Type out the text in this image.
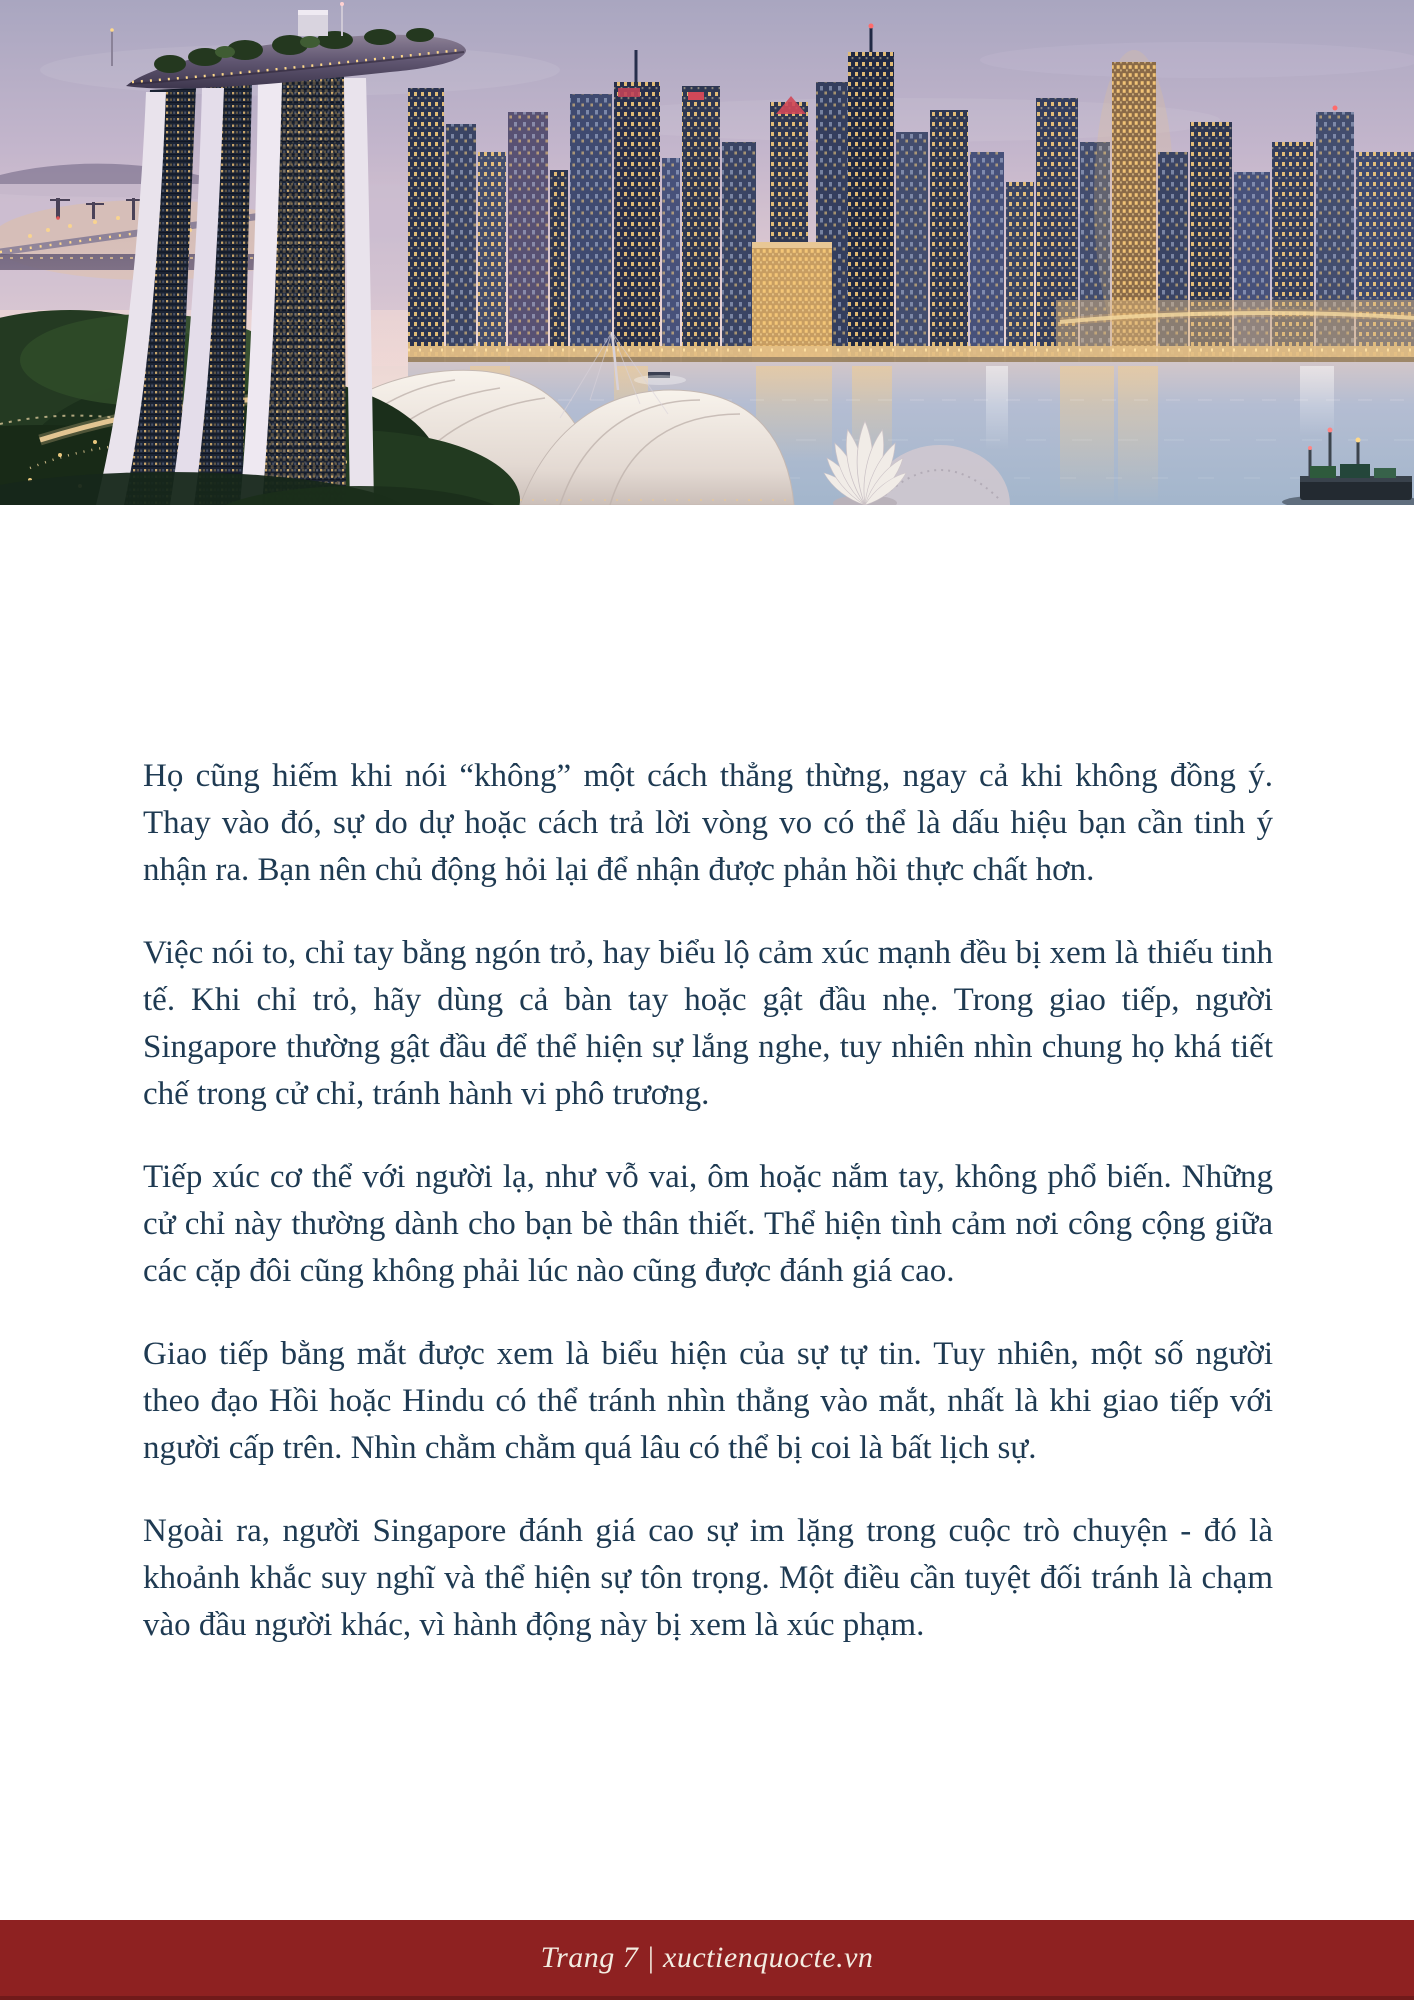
Họ cũng hiếm khi nói “không” một cách thẳng thừng, ngay cả khi không đồng ý. Thay vào đó, sự do dự hoặc cách trả lời vòng vo có thể là dấu hiệu bạn cần tinh ý nhận ra. Bạn nên chủ động hỏi lại để nhận được phản hồi thực chất hơn.

Việc nói to, chỉ tay bằng ngón trỏ, hay biểu lộ cảm xúc mạnh đều bị xem là thiếu tinh tế. Khi chỉ trỏ, hãy dùng cả bàn tay hoặc gật đầu nhẹ. Trong giao tiếp, người Singapore thường gật đầu để thể hiện sự lắng nghe, tuy nhiên nhìn chung họ khá tiết chế trong cử chỉ, tránh hành vi phô trương.

Tiếp xúc cơ thể với người lạ, như vỗ vai, ôm hoặc nắm tay, không phổ biến. Những cử chỉ này thường dành cho bạn bè thân thiết. Thể hiện tình cảm nơi công cộng giữa các cặp đôi cũng không phải lúc nào cũng được đánh giá cao.

Giao tiếp bằng mắt được xem là biểu hiện của sự tự tin. Tuy nhiên, một số người theo đạo Hồi hoặc Hindu có thể tránh nhìn thẳng vào mắt, nhất là khi giao tiếp với người cấp trên. Nhìn chằm chằm quá lâu có thể bị coi là bất lịch sự.

Ngoài ra, người Singapore đánh giá cao sự im lặng trong cuộc trò chuyện - đó là khoảnh khắc suy nghĩ và thể hiện sự tôn trọng. Một điều cần tuyệt đối tránh là chạm vào đầu người khác, vì hành động này bị xem là xúc phạm.

Trang 7 | xuctienquocte.vn
